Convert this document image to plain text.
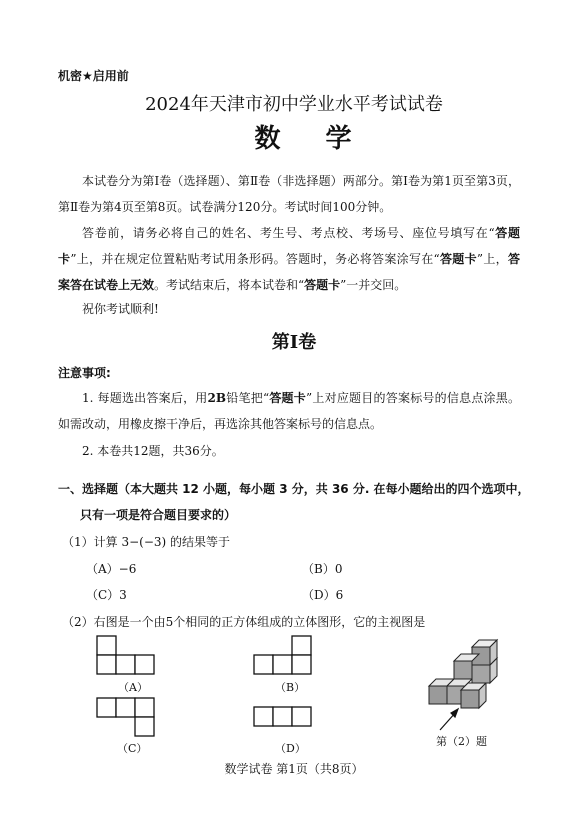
机密★启用前
2024年天津市初中学业水平考试试卷
数 学
本试卷分为第Ⅰ卷（选择题）、第Ⅱ卷（非选择题）两部分。第Ⅰ卷为第1页至第3页，第Ⅱ卷为第4页至第8页。试卷满分120分。考试时间100分钟。
答卷前，请务必将自己的姓名、考生号、考点校、考场号、座位号填写在“答题卡”上，并在规定位置粘贴考试用条形码。答题时，务必将答案涂写在“答题卡”上，答案答在试卷上无效。考试结束后，将本试卷和“答题卡”一并交回。
祝你考试顺利!
第Ⅰ卷
注意事项:
1. 每题选出答案后，用2B铅笔把“答题卡”上对应题目的答案标号的信息点涂黑。如需改动，用橡皮擦干净后，再选涂其他答案标号的信息点。
2. 本卷共12题，共36分。
一、选择题（本大题共 12 小题，每小题 3 分，共 36 分. 在每小题给出的四个选项中，
只有一项是符合题目要求的）
（1）计算 3−(−3) 的结果等于
（A）−6	（B）0
（C）3	（D）6
（2）右图是一个由5个相同的正方体组成的立体图形，它的主视图是
（A）	（B）
（C）	（D）
第（2）题
数学试卷 第1页（共8页）
